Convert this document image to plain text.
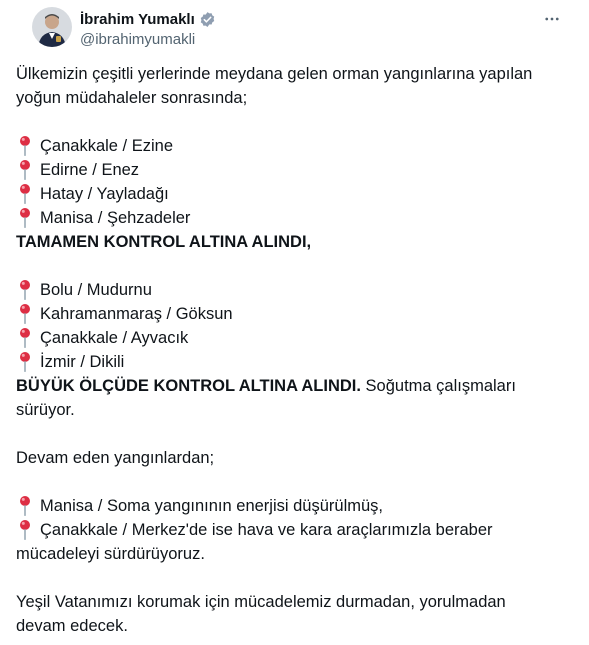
İbrahim Yumaklı
@ibrahimyumakli
Ülkemizin çeşitli yerlerinde meydana gelen orman yangınlarına yapılan
yoğun müdahaleler sonrasında;
Çanakkale / Ezine
Edirne / Enez
Hatay / Yayladağı
Manisa / Şehzadeler
TAMAMEN KONTROL ALTINA ALINDI,
Bolu / Mudurnu
Kahramanmaraş / Göksun
Çanakkale / Ayvacık
İzmir / Dikili
BÜYÜK ÖLÇÜDE KONTROL ALTINA ALINDI. Soğutma çalışmaları
sürüyor.
Devam eden yangınlardan;
Manisa / Soma yangınının enerjisi düşürülmüş,
Çanakkale / Merkez'de ise hava ve kara araçlarımızla beraber
mücadeleyi sürdürüyoruz.
Yeşil Vatanımızı korumak için mücadelemiz durmadan, yorulmadan
devam edecek.
